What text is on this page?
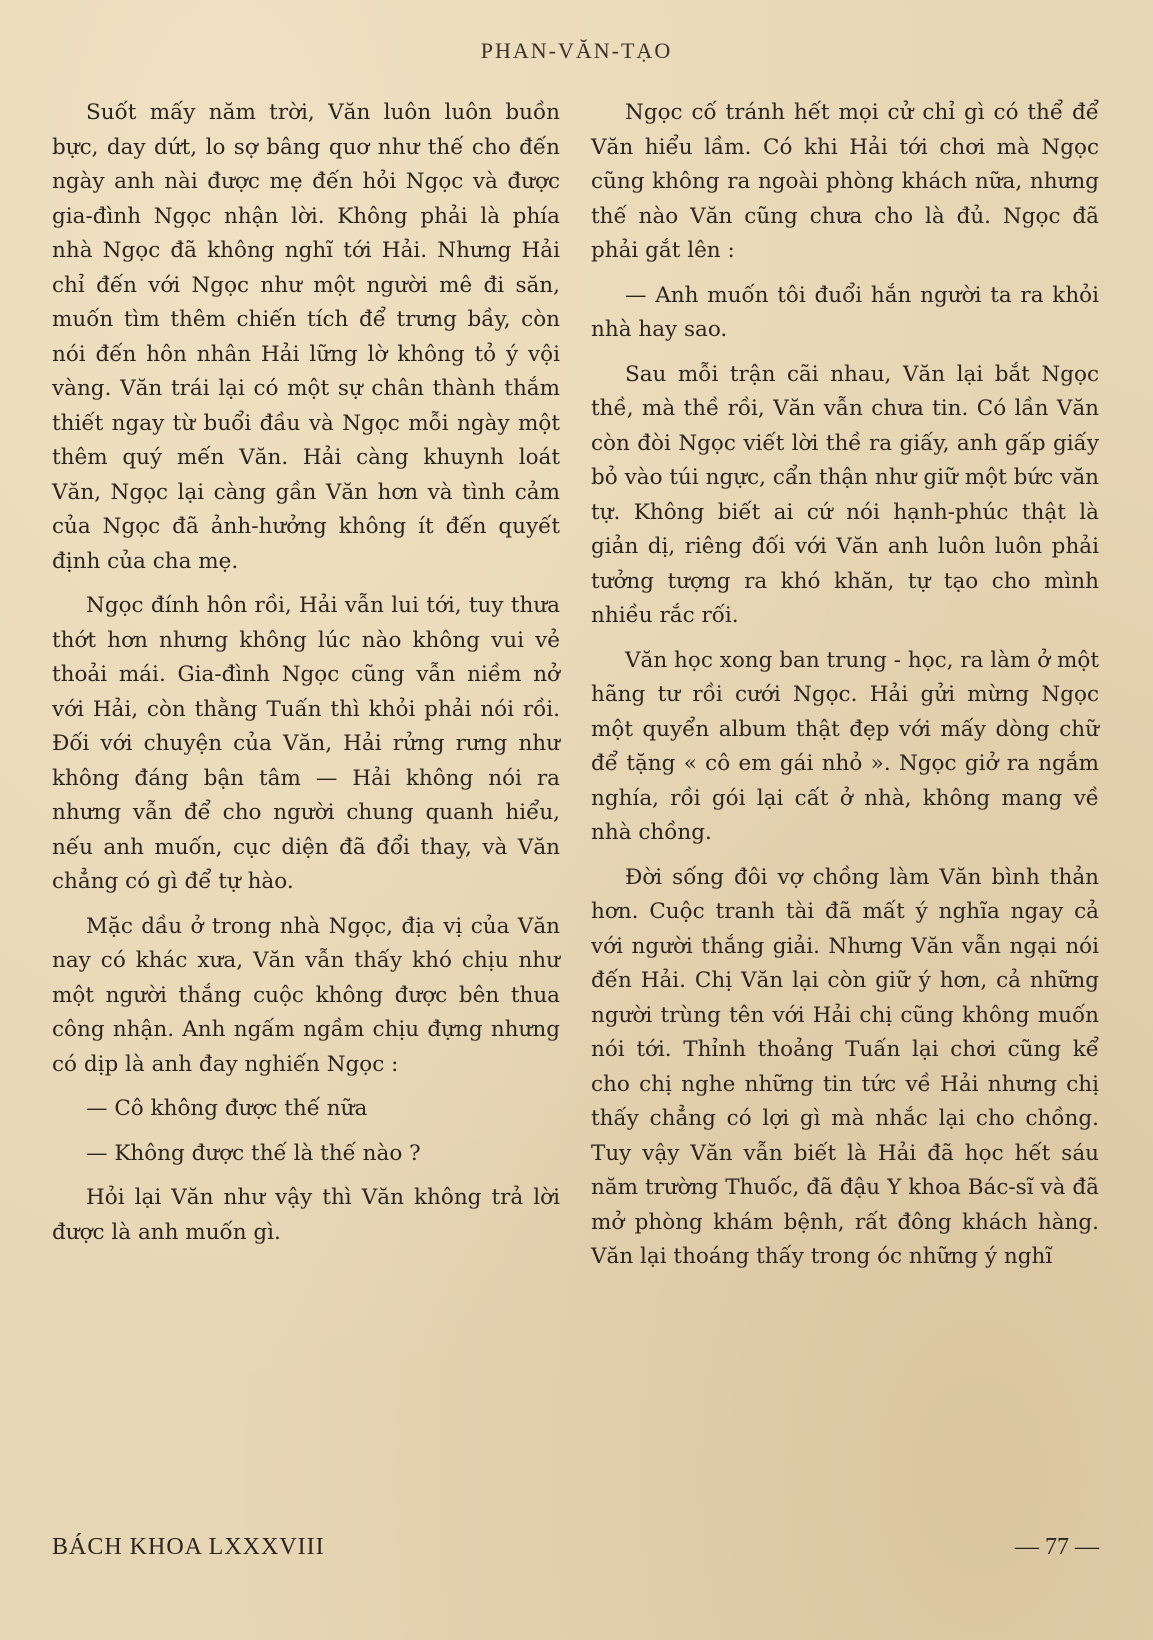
PHAN-VĂN-TẠO

Suốt mấy năm trời, Văn luôn luôn buồn bực, day dứt, lo sợ bâng quơ như thế cho đến ngày anh nài được mẹ đến hỏi Ngọc và được gia-đình Ngọc nhận lời. Không phải là phía nhà Ngọc đã không nghĩ tới Hải. Nhưng Hải chỉ đến với Ngọc như một người mê đi săn, muốn tìm thêm chiến tích để trưng bầy, còn nói đến hôn nhân Hải lững lờ không tỏ ý vội vàng. Văn trái lại có một sự chân thành thắm thiết ngay từ buổi đầu và Ngọc mỗi ngày một thêm quý mến Văn. Hải càng khuynh loát Văn, Ngọc lại càng gần Văn hơn và tình cảm của Ngọc đã ảnh-hưởng không ít đến quyết định của cha mẹ.

Ngọc đính hôn rồi, Hải vẫn lui tới, tuy thưa thớt hơn nhưng không lúc nào không vui vẻ thoải mái. Gia-đình Ngọc cũng vẫn niềm nở với Hải, còn thằng Tuấn thì khỏi phải nói rồi. Đối với chuyện của Văn, Hải rửng rưng như không đáng bận tâm — Hải không nói ra nhưng vẫn để cho người chung quanh hiểu, nếu anh muốn, cục diện đã đổi thay, và Văn chẳng có gì để tự hào.

Mặc dầu ở trong nhà Ngọc, địa vị của Văn nay có khác xưa, Văn vẫn thấy khó chịu như một người thắng cuộc không được bên thua công nhận. Anh ngấm ngầm chịu đựng nhưng có dịp là anh đay nghiến Ngọc :

— Cô không được thế nữa

— Không được thế là thế nào ?

Hỏi lại Văn như vậy thì Văn không trả lời được là anh muốn gì.

Ngọc cố tránh hết mọi cử chỉ gì có thể để Văn hiểu lầm. Có khi Hải tới chơi mà Ngọc cũng không ra ngoài phòng khách nữa, nhưng thế nào Văn cũng chưa cho là đủ. Ngọc đã phải gắt lên :

— Anh muốn tôi đuổi hắn người ta ra khỏi nhà hay sao.

Sau mỗi trận cãi nhau, Văn lại bắt Ngọc thề, mà thề rồi, Văn vẫn chưa tin. Có lần Văn còn đòi Ngọc viết lời thề ra giấy, anh gấp giấy bỏ vào túi ngực, cẩn thận như giữ một bức văn tự. Không biết ai cứ nói hạnh-phúc thật là giản dị, riêng đối với Văn anh luôn luôn phải tưởng tượng ra khó khăn, tự tạo cho mình nhiều rắc rối.

Văn học xong ban trung - học, ra làm ở một hãng tư rồi cưới Ngọc. Hải gửi mừng Ngọc một quyển album thật đẹp với mấy dòng chữ để tặng « cô em gái nhỏ ». Ngọc giở ra ngắm nghía, rồi gói lại cất ở nhà, không mang về nhà chồng.

Đời sống đôi vợ chồng làm Văn bình thản hơn. Cuộc tranh tài đã mất ý nghĩa ngay cả với người thắng giải. Nhưng Văn vẫn ngại nói đến Hải. Chị Văn lại còn giữ ý hơn, cả những người trùng tên với Hải chị cũng không muốn nói tới. Thỉnh thoảng Tuấn lại chơi cũng kể cho chị nghe những tin tức về Hải nhưng chị thấy chẳng có lợi gì mà nhắc lại cho chồng. Tuy vậy Văn vẫn biết là Hải đã học hết sáu năm trường Thuốc, đã đậu Y khoa Bác-sĩ và đã mở phòng khám bệnh, rất đông khách hàng. Văn lại thoáng thấy trong óc những ý nghĩ

BÁCH KHOA LXXXVIII	— 77 —
